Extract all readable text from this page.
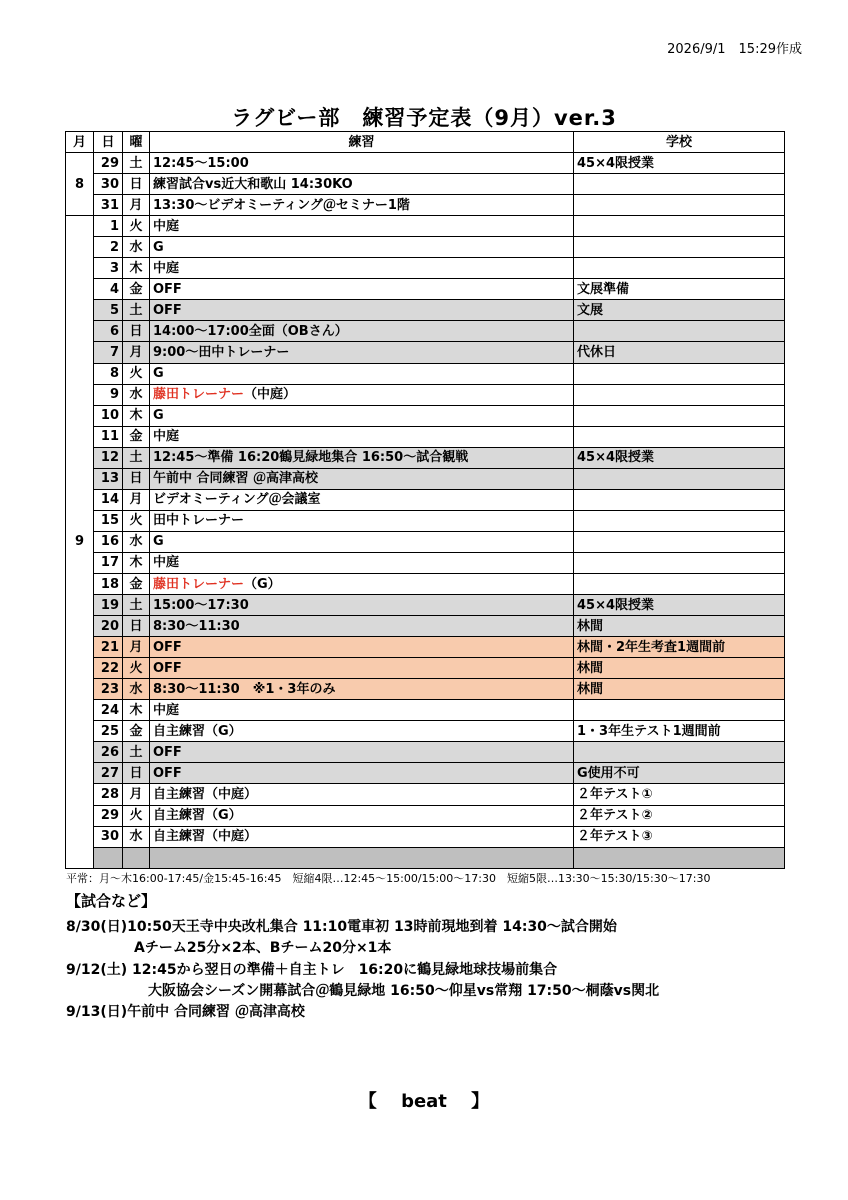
2026/9/1　15:29作成
ラグビー部　練習予定表（9月）ver.3
月	日	曜	練習	学校
8	29	土	12:45～15:00	45×4限授業
	30	日	練習試合vs近大和歌山 14:30KO	
	31	月	13:30～ビデオミーティング＠セミナー1階	
9	1	火	中庭	
	2	水	G	
	3	木	中庭	
	4	金	OFF	文展準備
	5	土	OFF	文展
	6	日	14:00～17:00全面（OBさん）	
	7	月	9:00～田中トレーナー	代休日
	8	火	G	
	9	水	藤田トレーナー（中庭）	
	10	木	G	
	11	金	中庭	
	12	土	12:45～準備 16:20鶴見緑地集合 16:50～試合観戦	45×4限授業
	13	日	午前中 合同練習 ＠高津高校	
	14	月	ビデオミーティング＠会議室	
	15	火	田中トレーナー	
	16	水	G	
	17	木	中庭	
	18	金	藤田トレーナー（G）	
	19	土	15:00～17:30	45×4限授業
	20	日	8:30～11:30	林間
	21	月	OFF	林間・2年生考査1週間前
	22	火	OFF	林間
	23	水	8:30～11:30　※1・3年のみ	林間
	24	木	中庭	
	25	金	自主練習（G）	1・3年生テスト1週間前
	26	土	OFF	
	27	日	OFF	G使用不可
	28	月	自主練習（中庭）	２年テスト①
	29	火	自主練習（G）	２年テスト②
	30	水	自主練習（中庭）	２年テスト③

平常：月～木16:00-17:45/金15:45-16:45　短縮4限…12:45～15:00/15:00～17:30　短縮5限…13:30～15:30/15:30～17:30
【試合など】
8/30(日)10:50天王寺中央改札集合 11:10電車初 13時前現地到着 14:30～試合開始
Aチーム25分×2本、Bチーム20分×1本
9/12(土) 12:45から翌日の準備＋自主トレ　16:20に鶴見緑地球技場前集合
大阪協会シーズン開幕試合＠鶴見緑地 16:50～仰星vs常翔 17:50～桐蔭vs関北
9/13(日)午前中 合同練習 ＠高津高校
【　 beat　 】
